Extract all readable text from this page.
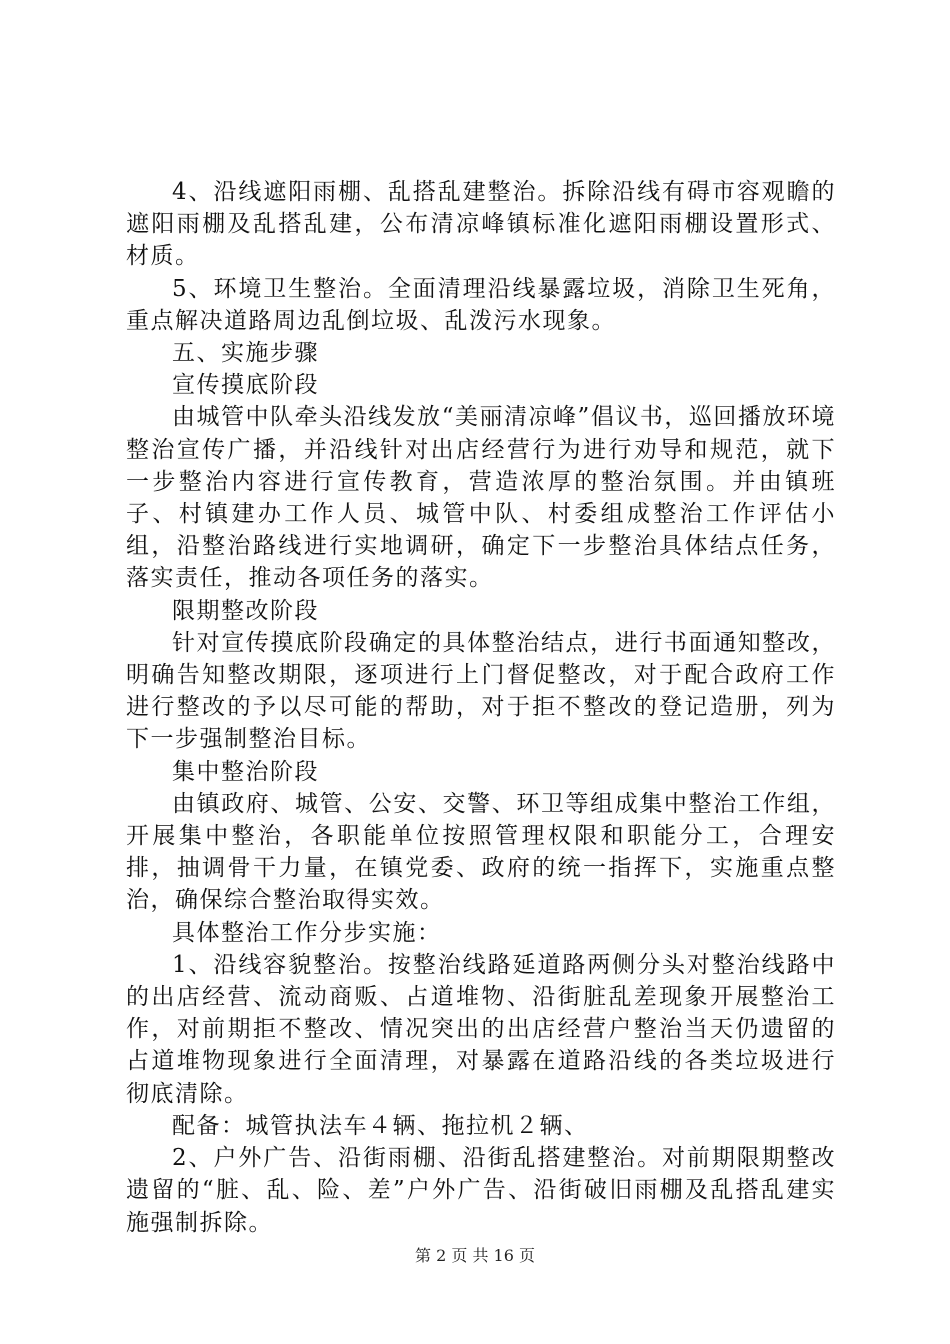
4、沿线遮阳雨棚、乱搭乱建整治。拆除沿线有碍市容观瞻的遮阳雨棚及乱搭乱建，公布清凉峰镇标准化遮阳雨棚设置形式、材质。

5、环境卫生整治。全面清理沿线暴露垃圾，消除卫生死角，重点解决道路周边乱倒垃圾、乱泼污水现象。

五、实施步骤

宣传摸底阶段

由城管中队牵头沿线发放“美丽清凉峰”倡议书，巡回播放环境整治宣传广播，并沿线针对出店经营行为进行劝导和规范，就下一步整治内容进行宣传教育，营造浓厚的整治氛围。并由镇班子、村镇建办工作人员、城管中队、村委组成整治工作评估小组，沿整治路线进行实地调研，确定下一步整治具体结点任务，落实责任，推动各项任务的落实。

限期整改阶段

针对宣传摸底阶段确定的具体整治结点，进行书面通知整改，明确告知整改期限，逐项进行上门督促整改，对于配合政府工作进行整改的予以尽可能的帮助，对于拒不整改的登记造册，列为下一步强制整治目标。

集中整治阶段

由镇政府、城管、公安、交警、环卫等组成集中整治工作组，开展集中整治，各职能单位按照管理权限和职能分工，合理安排，抽调骨干力量，在镇党委、政府的统一指挥下，实施重点整治，确保综合整治取得实效。

具体整治工作分步实施：

1、沿线容貌整治。按整治线路延道路两侧分头对整治线路中的出店经营、流动商贩、占道堆物、沿街脏乱差现象开展整治工作，对前期拒不整改、情况突出的出店经营户整治当天仍遗留的占道堆物现象进行全面清理，对暴露在道路沿线的各类垃圾进行彻底清除。

配备：城管执法车４辆、拖拉机２辆、

2、户外广告、沿街雨棚、沿街乱搭建整治。对前期限期整改遗留的“脏、乱、险、差”户外广告、沿街破旧雨棚及乱搭乱建实施强制拆除。

第 2 页 共 16 页
